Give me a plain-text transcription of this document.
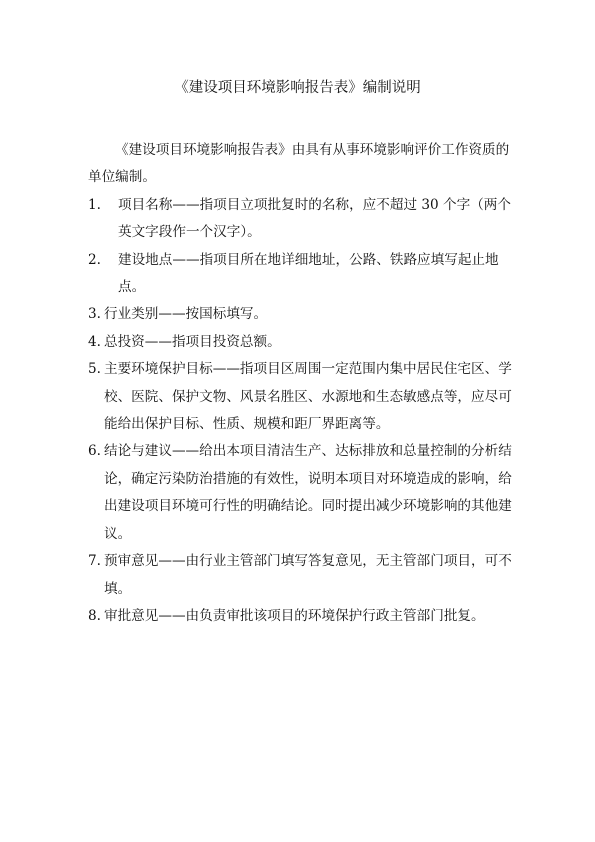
《建设项目环境影响报告表》编制说明

《建设项目环境影响报告表》由具有从事环境影响评价工作资质的单位编制。

1. 项目名称——指项目立项批复时的名称，应不超过 30 个字（两个英文字段作一个汉字）。
2. 建设地点——指项目所在地详细地址，公路、铁路应填写起止地点。
3. 行业类别——按国标填写。
4. 总投资——指项目投资总额。
5. 主要环境保护目标——指项目区周围一定范围内集中居民住宅区、学校、医院、保护文物、风景名胜区、水源地和生态敏感点等，应尽可能给出保护目标、性质、规模和距厂界距离等。
6. 结论与建议——给出本项目清洁生产、达标排放和总量控制的分析结论，确定污染防治措施的有效性，说明本项目对环境造成的影响，给出建设项目环境可行性的明确结论。同时提出减少环境影响的其他建议。
7. 预审意见——由行业主管部门填写答复意见，无主管部门项目，可不填。
8. 审批意见——由负责审批该项目的环境保护行政主管部门批复。
